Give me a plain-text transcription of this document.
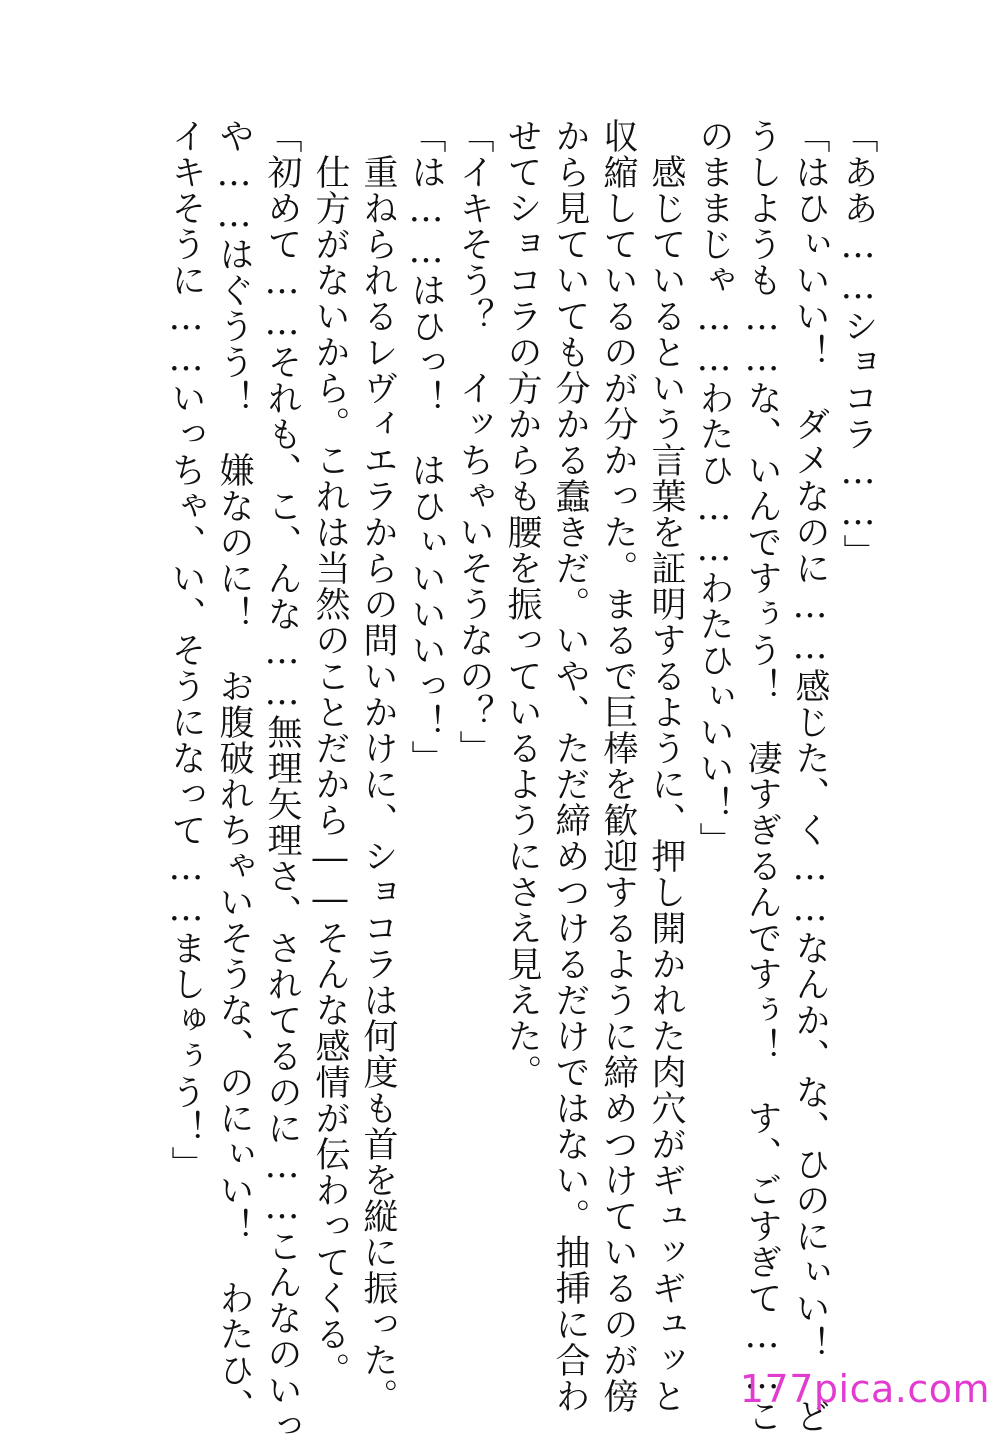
「ああ……ショコラ……」

「はひぃいい！　ダメなのに……感じた、く……なんか、な、ひのにぃい！　ど

うしようも……な、いんですぅう！　凄すぎるんですぅ！　す、ごすぎて……こ

のままじゃ……わたひ……わたひぃいい！」

　感じているという言葉を証明するように、押し開かれた肉穴がギュッギュッと

収縮しているのが分かった。まるで巨棒を歓迎するように締めつけているのが傍

から見ていても分かる蠢きだ。いや、ただ締めつけるだけではない。抽挿に合わ

せてショコラの方からも腰を振っているようにさえ見えた。

「イキそう？　イッちゃいそうなの？」

「は……はひっ！　はひぃいいいっ！」

　重ねられるレヴィエラからの問いかけに、ショコラは何度も首を縦に振った。

　仕方がないから。これは当然のことだから――そんな感情が伝わってくる。

「初めて……それも、こ、んな……無理矢理さ、されてるのに……こんなのいっ

や……はぐうう！　嫌なのに！　お腹破れちゃいそうな、のにぃい！　わたひ、

イキそうに……いっちゃ、い、そうになって……ましゅぅう！」

177pica.com
